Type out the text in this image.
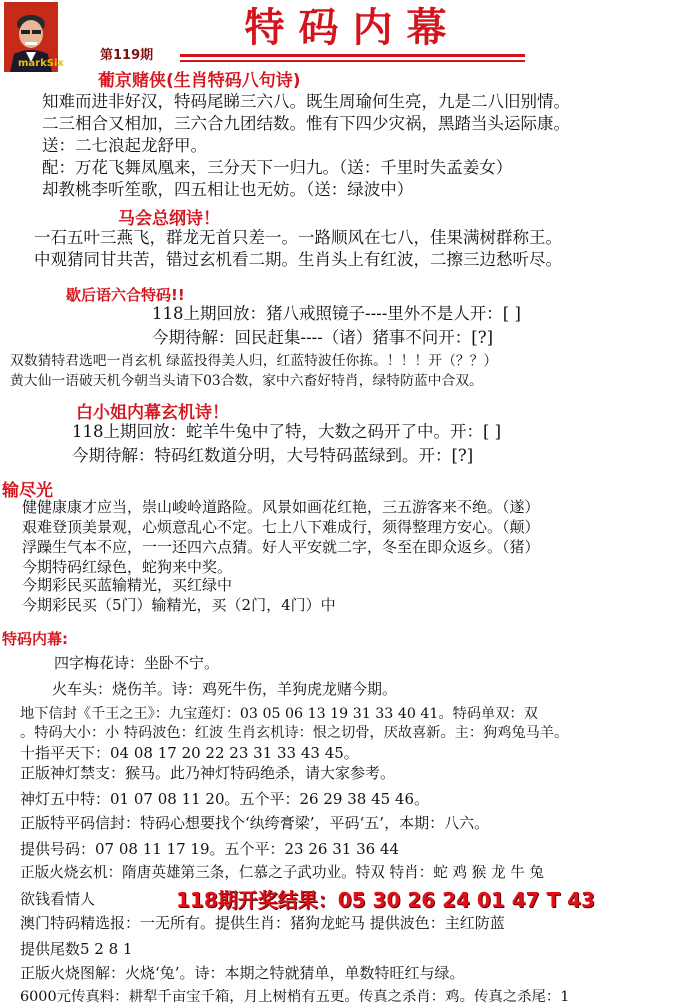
markSix
第119期
特码内幕
葡京赌侠(生肖特码八句诗)
知难而进非好汉，特码尾睇三六八。既生周瑜何生亮，九是二八旧别情。
二三相合又相加，三六合九团结数。惟有下四少灾祸，黑踏当头运际康。
送：二七浪起龙舒甲。
配：万花飞舞凤凰来，三分天下一归九。（送：千里时失孟姜女）
却教桃李听笙歌，四五相让也无妨。（送：绿波中）
马会总纲诗！
一石五叶三燕飞，群龙无首只差一。一路顺风在七八，佳果满树群称王。
中观猜同甘共苦，错过玄机看二期。生肖头上有红波，二擦三边愁听尽。
歇后语六合特码!!
118上期回放：猪八戒照镜子----里外不是人开：[ ]
今期待解：回民赶集----（诸）猪事不问开：[?]
双数猜特君选吧一肖玄机 绿蓝投得美人归，红蓝特波任你拣。！！！开（？？）
黄大仙一语破天机今朝当头请下03合数，家中六畜好特肖，绿特防蓝中合双。
白小姐内幕玄机诗！
118上期回放：蛇羊牛兔中了特，大数之码开了中。开：[ ]
今期待解：特码红数道分明，大号特码蓝绿到。开：[?]
输尽光
健健康康才应当，崇山峻岭道路险。风景如画花红艳，三五游客来不绝。（遂）
艰难登顶美景观，心烦意乱心不定。七上八下难成行，须得整理方安心。（颠）
浮躁生气本不应，一一还四六点猜。好人平安就二字，冬至在即众返乡。（猪）
今期特码红绿色，蛇狗来中奖。
今期彩民买蓝输精光，买红绿中
今期彩民买（5门）输精光，买（2门，4门）中
特码内幕:
四字梅花诗：坐卧不宁。
火车头：烧伤羊。诗：鸡死牛伤，羊狗虎龙赌今期。
地下信封《千王之王》：九宝莲灯：03 05 06 13 19 31 33 40 41。特码单双：双
。特码大小：小 特码波色：红波 生肖玄机诗：恨之切骨，厌故喜新。主：狗鸡兔马羊。
十指平天下：04 08 17 20 22 23 31 33 43 45。
正版神灯禁支：猴马。此乃神灯特码绝杀，请大家参考。
神灯五中特：01 07 08 11 20。五个平：26 29 38 45 46。
正版特平码信封：特码心想要找个‘纨绔膏梁’，平码‘五’，本期：八六。
提供号码：07 08 11 17 19。五个平：23 26 31 36 44
正版火烧玄机：隋唐英雄第三条，仁慕之子武功业。特双 特肖：蛇 鸡 猴 龙 牛 兔
欲钱看情人	118期开奖结果：05 30 26 24 01 47 T 43
澳门特码精选报：一无所有。提供生肖：猪狗龙蛇马 提供波色：主红防蓝
提供尾数5 2 8 1
正版火烧图解：火烧‘兔’。诗：本期之特就猜单，单数特旺红与绿。
6000元传真料：耕犁千亩宝千箱，月上树梢有五更。传真之杀肖：鸡。传真之杀尾：1
